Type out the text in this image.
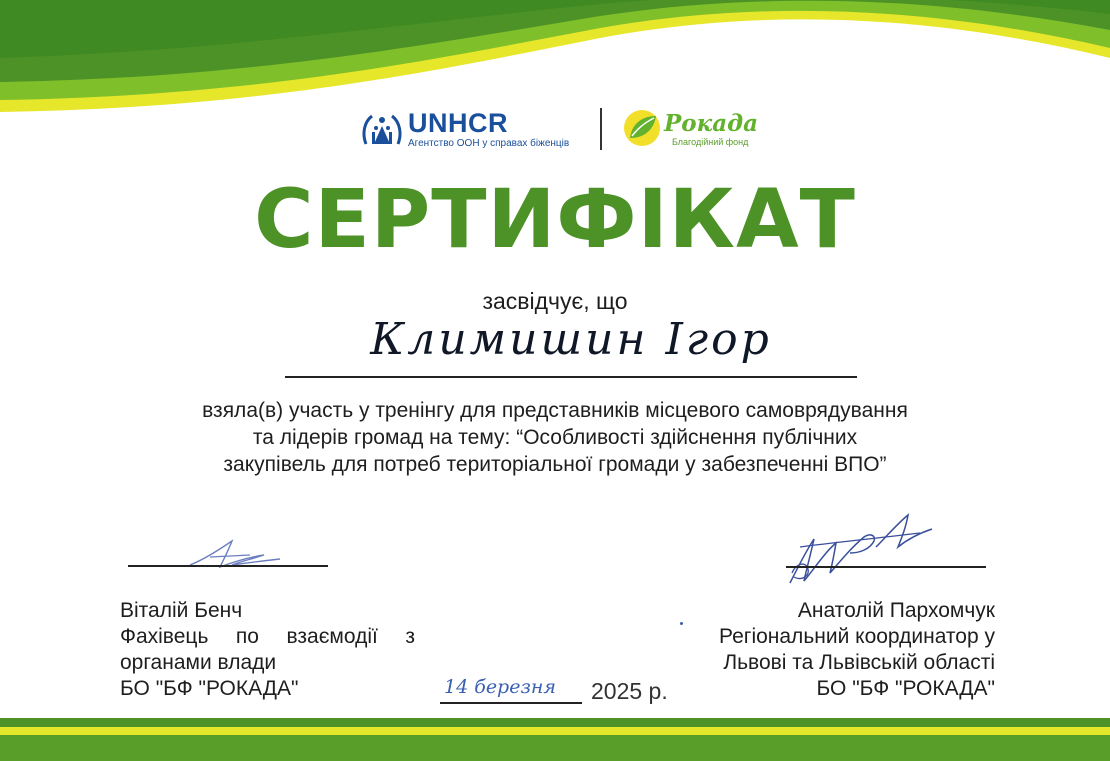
UNHCR
Агентство ООН у справах біженців
Рокада
Благодійний фонд
СЕРТИФІКАТ
засвідчує, що
Климишин Ігор
взяла(в) участь у тренінгу для представників місцевого самоврядування
та лідерів громад на тему: “Особливості здійснення публічних
закупівель для потреб територіальної громади у забезпеченні ВПО”
Віталій Бенч
Фахівець по взаємодії з
органами влади
БО "БФ "РОКАДА"
Анатолій Пархомчук
Регіональний координатор у
Львові та Львівській області
БО "БФ "РОКАДА"
14 березня	2025 р.
